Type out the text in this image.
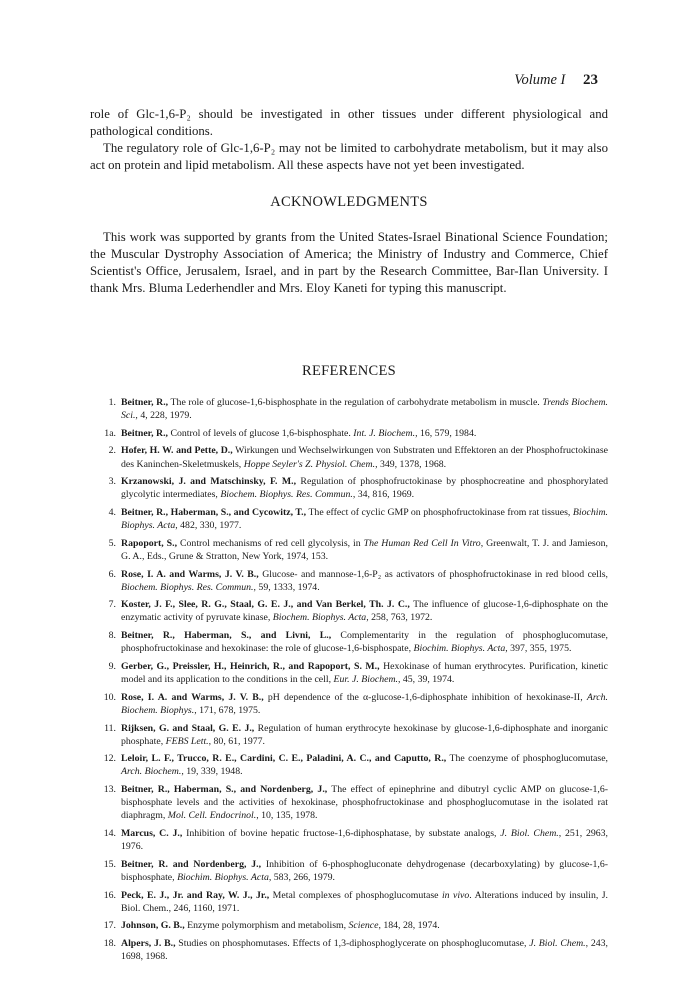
Volume I 23

role of Glc-1,6-P₂ should be investigated in other tissues under different physiological and pathological conditions.

The regulatory role of Glc-1,6-P₂ may not be limited to carbohydrate metabolism, but it may also act on protein and lipid metabolism. All these aspects have not yet been investigated.

ACKNOWLEDGMENTS

This work was supported by grants from the United States-Israel Binational Science Foundation; the Muscular Dystrophy Association of America; the Ministry of Industry and Commerce, Chief Scientist's Office, Jerusalem, Israel, and in part by the Research Committee, Bar-Ilan University. I thank Mrs. Bluma Lederhendler and Mrs. Eloy Kaneti for typing this manuscript.

REFERENCES
1. Beitner, R., The role of glucose-1,6-bisphosphate in the regulation of carbohydrate metabolism in muscle. Trends Biochem. Sci., 4, 228, 1979.
1a. Beitner, R., Control of levels of glucose 1,6-bisphosphate. Int. J. Biochem., 16, 579, 1984.
2. Hofer, H. W. and Pette, D., Wirkungen und Wechselwirkungen von Substraten und Effektoren an der Phosphofructokinase des Kaninchen-Skeletmuskels, Hoppe Seyler's Z. Physiol. Chem., 349, 1378, 1968.
3. Krzanowski, J. and Matschinsky, F. M., Regulation of phosphofructokinase by phosphocreatine and phosphorylated glycolytic intermediates, Biochem. Biophys. Res. Commun., 34, 816, 1969.
4. Beitner, R., Haberman, S., and Cycowitz, T., The effect of cyclic GMP on phosphofructokinase from rat tissues, Biochim. Biophys. Acta, 482, 330, 1977.
5. Rapoport, S., Control mechanisms of red cell glycolysis, in The Human Red Cell In Vitro, Greenwalt, T. J. and Jamieson, G. A., Eds., Grune & Stratton, New York, 1974, 153.
6. Rose, I. A. and Warms, J. V. B., Glucose- and mannose-1,6-P₂ as activators of phosphofructokinase in red blood cells, Biochem. Biophys. Res. Commun., 59, 1333, 1974.
7. Koster, J. F., Slee, R. G., Staal, G. E. J., and Van Berkel, Th. J. C., The influence of glucose-1,6-diphosphate on the enzymatic activity of pyruvate kinase, Biochem. Biophys. Acta, 258, 763, 1972.
8. Beitner, R., Haberman, S., and Livni, L., Complementarity in the regulation of phosphoglucomutase, phosphofructokinase and hexokinase: the role of glucose-1,6-bisphospate, Biochim. Biophys. Acta, 397, 355, 1975.
9. Gerber, G., Preissler, H., Heinrich, R., and Rapoport, S. M., Hexokinase of human erythrocytes. Purification, kinetic model and its application to the conditions in the cell, Eur. J. Biochem., 45, 39, 1974.
10. Rose, I. A. and Warms, J. V. B., pH dependence of the α-glucose-1,6-diphosphate inhibition of hexokinase-II, Arch. Biochem. Biophys., 171, 678, 1975.
11. Rijksen, G. and Staal, G. E. J., Regulation of human erythrocyte hexokinase by glucose-1,6-diphosphate and inorganic phosphate, FEBS Lett., 80, 61, 1977.
12. Leloir, L. F., Trucco, R. E., Cardini, C. E., Paladini, A. C., and Caputto, R., The coenzyme of phosphoglucomutase, Arch. Biochem., 19, 339, 1948.
13. Beitner, R., Haberman, S., and Nordenberg, J., The effect of epinephrine and dibutryl cyclic AMP on glucose-1,6-bisphosphate levels and the activities of hexokinase, phosphofructokinase and phosphoglucomutase in the isolated rat diaphragm, Mol. Cell. Endocrinol., 10, 135, 1978.
14. Marcus, C. J., Inhibition of bovine hepatic fructose-1,6-diphosphatase, by substate analogs, J. Biol. Chem., 251, 2963, 1976.
15. Beitner, R. and Nordenberg, J., Inhibition of 6-phosphogluconate dehydrogenase (decarboxylating) by glucose-1,6-bisphosphate, Biochim. Biophys. Acta, 583, 266, 1979.
16. Peck, E. J., Jr. and Ray, W. J., Jr., Metal complexes of phosphoglucomutase in vivo. Alterations induced by insulin, J. Biol. Chem., 246, 1160, 1971.
17. Johnson, G. B., Enzyme polymorphism and metabolism, Science, 184, 28, 1974.
18. Alpers, J. B., Studies on phosphomutases. Effects of 1,3-diphosphoglycerate on phosphoglucomutase, J. Biol. Chem., 243, 1698, 1968.
